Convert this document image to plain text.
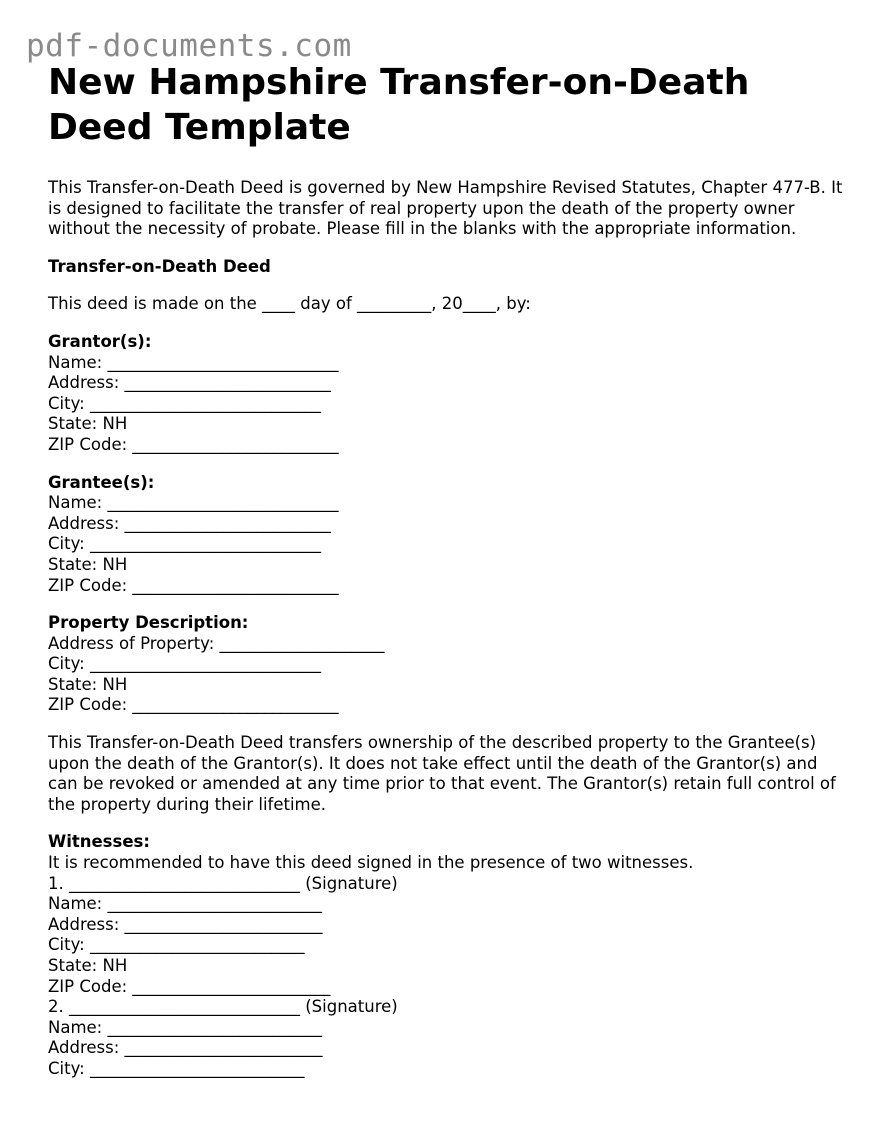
pdf-documents.com
New Hampshire Transfer-on-Death Deed Template

This Transfer-on-Death Deed is governed by New Hampshire Revised Statutes, Chapter 477-B. It is designed to facilitate the transfer of real property upon the death of the property owner without the necessity of probate. Please fill in the blanks with the appropriate information.

Transfer-on-Death Deed

This deed is made on the ____ day of _________, 20____, by:

Grantor(s):
Name: ____________________________
Address: _________________________
City: ____________________________
State: NH
ZIP Code: _________________________
Grantee(s):
Name: ____________________________
Address: _________________________
City: ____________________________
State: NH
ZIP Code: _________________________
Property Description:
Address of Property: ____________________
City: ____________________________
State: NH
ZIP Code: _________________________

This Transfer-on-Death Deed transfers ownership of the described property to the Grantee(s) upon the death of the Grantor(s). It does not take effect until the death of the Grantor(s) and can be revoked or amended at any time prior to that event. The Grantor(s) retain full control of the property during their lifetime.

Witnesses:
It is recommended to have this deed signed in the presence of two witnesses.
1. ____________________________ (Signature)
Name: __________________________
Address: ________________________
City: __________________________
State: NH
ZIP Code: ________________________
2. ____________________________ (Signature)
Name: __________________________
Address: ________________________
City: __________________________
